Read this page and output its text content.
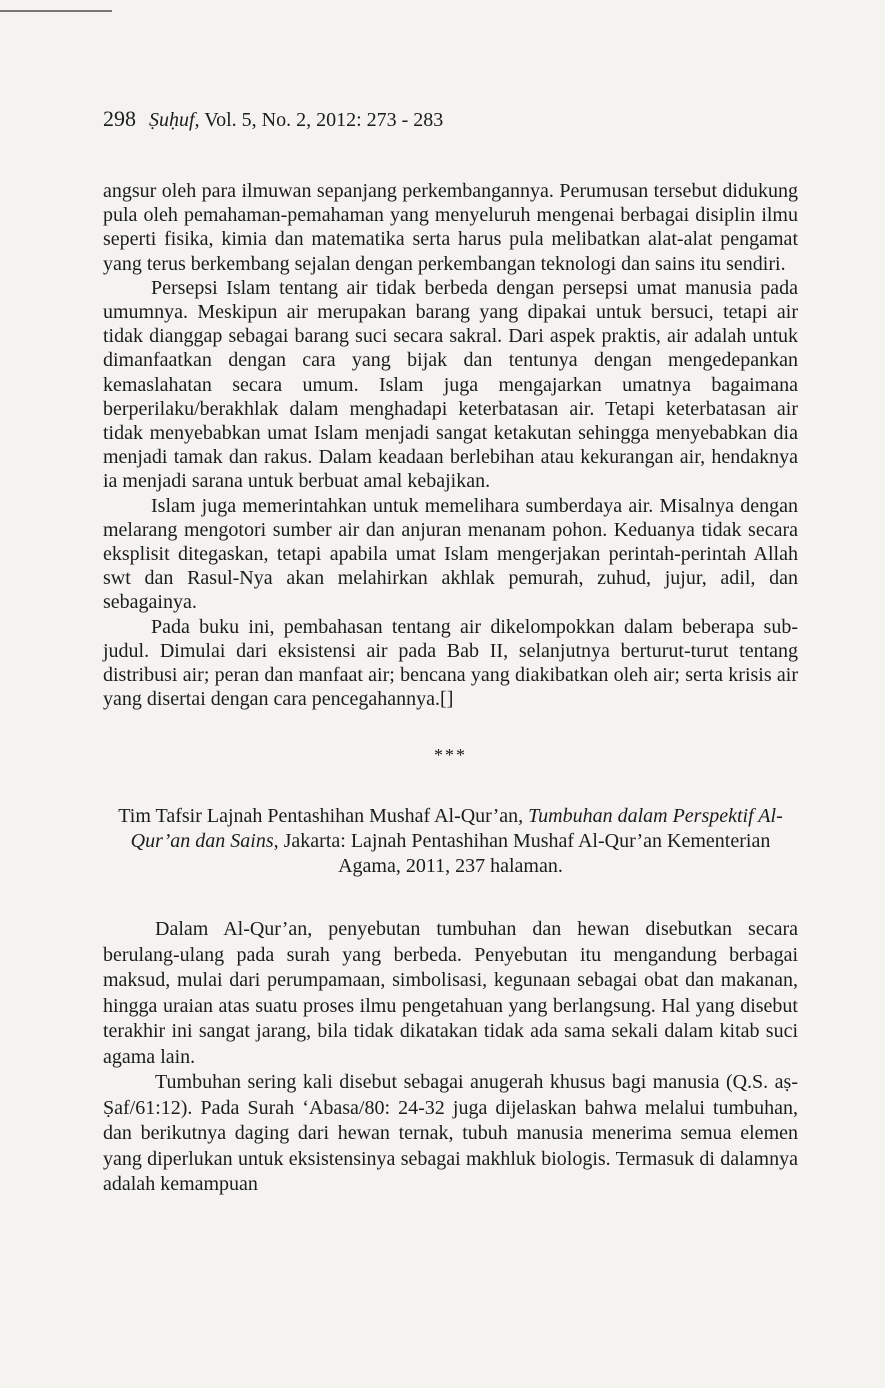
298 Ṣuḥuf, Vol. 5, No. 2, 2012: 273 - 283

angsur oleh para ilmuwan sepanjang perkembangannya. Perumusan tersebut didukung pula oleh pemahaman-pemahaman yang menyeluruh mengenai berbagai disiplin ilmu seperti fisika, kimia dan matematika serta harus pula melibatkan alat-alat pengamat yang terus berkembang sejalan dengan perkembangan teknologi dan sains itu sendiri.

Persepsi Islam tentang air tidak berbeda dengan persepsi umat manusia pada umumnya. Meskipun air merupakan barang yang dipakai untuk bersuci, tetapi air tidak dianggap sebagai barang suci secara sakral. Dari aspek praktis, air adalah untuk dimanfaatkan dengan cara yang bijak dan tentunya dengan mengedepankan kemaslahatan secara umum. Islam juga mengajarkan umatnya bagaimana berperilaku/berakhlak dalam menghadapi keterbatasan air. Tetapi keterbatasan air tidak menyebabkan umat Islam menjadi sangat ketakutan sehingga menyebabkan dia menjadi tamak dan rakus. Dalam keadaan berlebihan atau kekurangan air, hendaknya ia menjadi sarana untuk berbuat amal kebajikan.

Islam juga memerintahkan untuk memelihara sumberdaya air. Misalnya dengan melarang mengotori sumber air dan anjuran menanam pohon. Keduanya tidak secara eksplisit ditegaskan, tetapi apabila umat Islam mengerjakan perintah-perintah Allah swt dan Rasul-Nya akan melahirkan akhlak pemurah, zuhud, jujur, adil, dan sebagainya.

Pada buku ini, pembahasan tentang air dikelompokkan dalam beberapa sub-judul. Dimulai dari eksistensi air pada Bab II, selanjutnya berturut-turut tentang distribusi air; peran dan manfaat air; bencana yang diakibatkan oleh air; serta krisis air yang disertai dengan cara pencegahannya.[]

***
Tim Tafsir Lajnah Pentashihan Mushaf Al-Qur’an, Tumbuhan dalam Perspektif Al-Qur’an dan Sains, Jakarta: Lajnah Pentashihan Mushaf Al-Qur’an Kementerian Agama, 2011, 237 halaman.

Dalam Al-Qur’an, penyebutan tumbuhan dan hewan disebutkan secara berulang-ulang pada surah yang berbeda. Penyebutan itu mengandung berbagai maksud, mulai dari perumpamaan, simbolisasi, kegunaan sebagai obat dan makanan, hingga uraian atas suatu proses ilmu pengetahuan yang berlangsung. Hal yang disebut terakhir ini sangat jarang, bila tidak dikatakan tidak ada sama sekali dalam kitab suci agama lain.

Tumbuhan sering kali disebut sebagai anugerah khusus bagi manusia (Q.S. aṣ-Ṣaf/61:12). Pada Surah ‘Abasa/80: 24-32 juga dijelaskan bahwa melalui tumbuhan, dan berikutnya daging dari hewan ternak, tubuh manusia menerima semua elemen yang diperlukan untuk eksistensinya sebagai makhluk biologis. Termasuk di dalamnya adalah kemampuan
